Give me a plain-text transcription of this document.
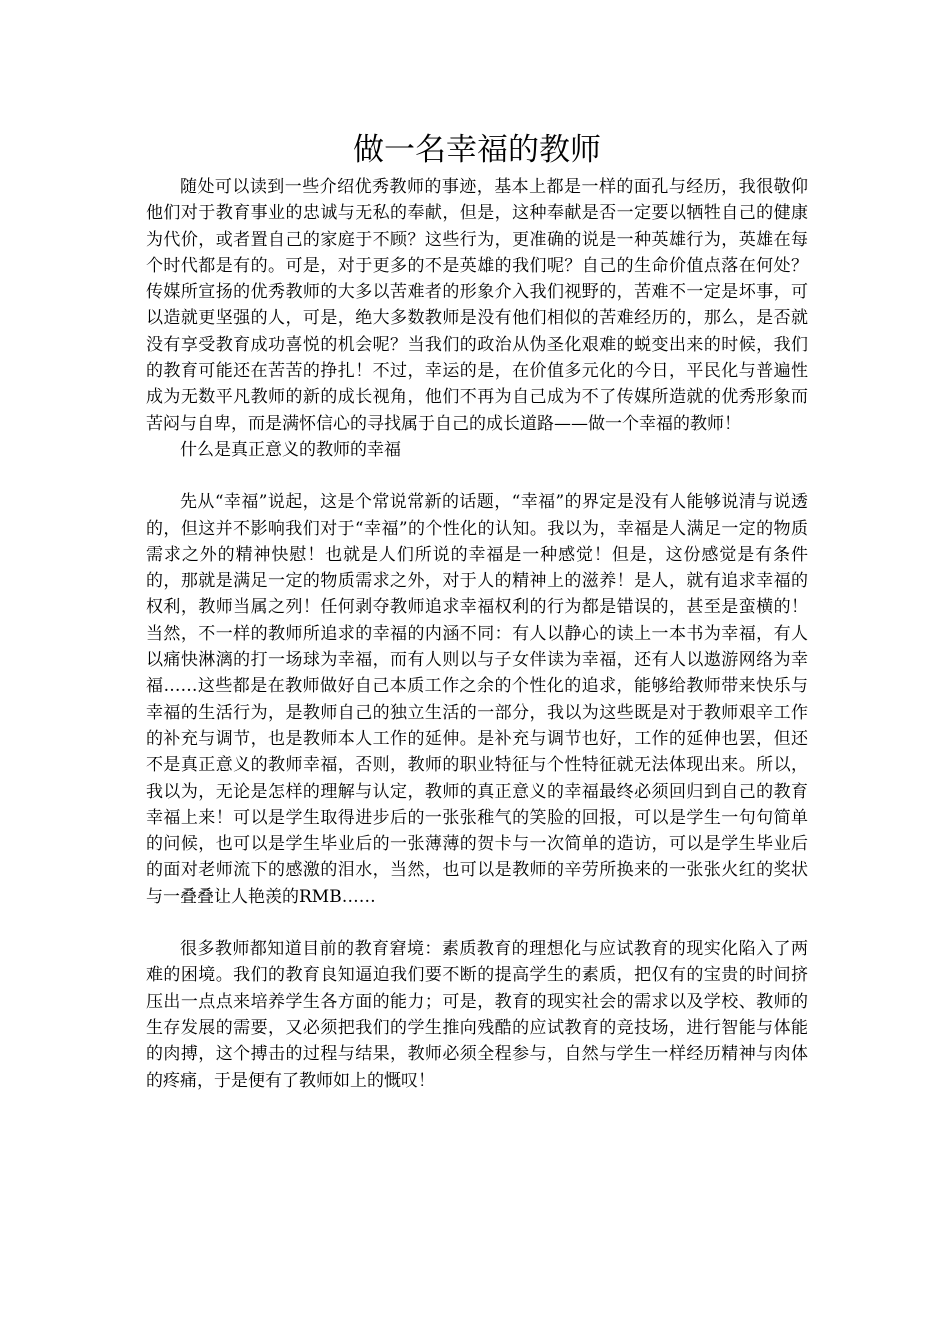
做一名幸福的教师

随处可以读到一些介绍优秀教师的事迹，基本上都是一样的面孔与经历，我很敬仰他们对于教育事业的忠诚与无私的奉献，但是，这种奉献是否一定要以牺牲自己的健康为代价，或者置自己的家庭于不顾？这些行为，更准确的说是一种英雄行为，英雄在每个时代都是有的。可是，对于更多的不是英雄的我们呢？自己的生命价值点落在何处？传媒所宣扬的优秀教师的大多以苦难者的形象介入我们视野的，苦难不一定是坏事，可以造就更坚强的人，可是，绝大多数教师是没有他们相似的苦难经历的，那么，是否就没有享受教育成功喜悦的机会呢？当我们的政治从伪圣化艰难的蜕变出来的时候，我们的教育可能还在苦苦的挣扎！不过，幸运的是，在价值多元化的今日，平民化与普遍性成为无数平凡教师的新的成长视角，他们不再为自己成为不了传媒所造就的优秀形象而苦闷与自卑，而是满怀信心的寻找属于自己的成长道路——做一个幸福的教师！

什么是真正意义的教师的幸福

先从“幸福”说起，这是个常说常新的话题，“幸福”的界定是没有人能够说清与说透的，但这并不影响我们对于“幸福”的个性化的认知。我以为，幸福是人满足一定的物质需求之外的精神快慰！也就是人们所说的幸福是一种感觉！但是，这份感觉是有条件的，那就是满足一定的物质需求之外，对于人的精神上的滋养！是人，就有追求幸福的权利，教师当属之列！任何剥夺教师追求幸福权利的行为都是错误的，甚至是蛮横的！当然，不一样的教师所追求的幸福的内涵不同：有人以静心的读上一本书为幸福，有人以痛快淋漓的打一场球为幸福，而有人则以与子女伴读为幸福，还有人以遨游网络为幸福……这些都是在教师做好自己本质工作之余的个性化的追求，能够给教师带来快乐与幸福的生活行为，是教师自己的独立生活的一部分，我以为这些既是对于教师艰辛工作的补充与调节，也是教师本人工作的延伸。是补充与调节也好，工作的延伸也罢，但还不是真正意义的教师幸福，否则，教师的职业特征与个性特征就无法体现出来。所以，我以为，无论是怎样的理解与认定，教师的真正意义的幸福最终必须回归到自己的教育幸福上来！可以是学生取得进步后的一张张稚气的笑脸的回报，可以是学生一句句简单的问候，也可以是学生毕业后的一张薄薄的贺卡与一次简单的造访，可以是学生毕业后的面对老师流下的感激的泪水，当然，也可以是教师的辛劳所换来的一张张火红的奖状与一叠叠让人艳羡的RMB……

很多教师都知道目前的教育窘境：素质教育的理想化与应试教育的现实化陷入了两难的困境。我们的教育良知逼迫我们要不断的提高学生的素质，把仅有的宝贵的时间挤压出一点点来培养学生各方面的能力；可是，教育的现实社会的需求以及学校、教师的生存发展的需要，又必须把我们的学生推向残酷的应试教育的竞技场，进行智能与体能的肉搏，这个搏击的过程与结果，教师必须全程参与，自然与学生一样经历精神与肉体的疼痛，于是便有了教师如上的慨叹！
